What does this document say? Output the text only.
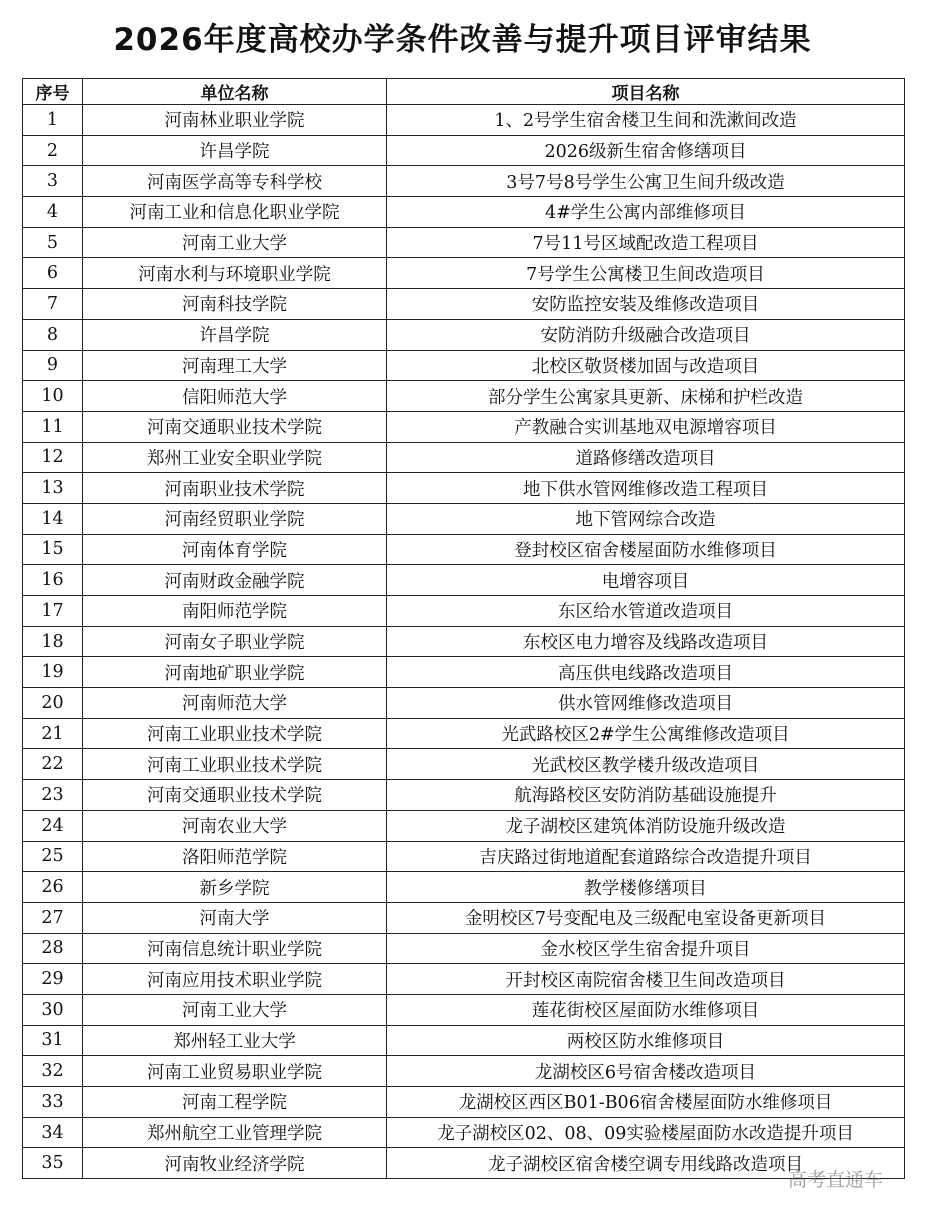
2026年度高校办学条件改善与提升项目评审结果
序号	单位名称	项目名称
1	河南林业职业学院	1、2号学生宿舍楼卫生间和洗漱间改造
2	许昌学院	2026级新生宿舍修缮项目
3	河南医学高等专科学校	3号7号8号学生公寓卫生间升级改造
4	河南工业和信息化职业学院	4#学生公寓内部维修项目
5	河南工业大学	7号11号区域配改造工程项目
6	河南水利与环境职业学院	7号学生公寓楼卫生间改造项目
7	河南科技学院	安防监控安装及维修改造项目
8	许昌学院	安防消防升级融合改造项目
9	河南理工大学	北校区敬贤楼加固与改造项目
10	信阳师范大学	部分学生公寓家具更新、床梯和护栏改造
11	河南交通职业技术学院	产教融合实训基地双电源增容项目
12	郑州工业安全职业学院	道路修缮改造项目
13	河南职业技术学院	地下供水管网维修改造工程项目
14	河南经贸职业学院	地下管网综合改造
15	河南体育学院	登封校区宿舍楼屋面防水维修项目
16	河南财政金融学院	电增容项目
17	南阳师范学院	东区给水管道改造项目
18	河南女子职业学院	东校区电力增容及线路改造项目
19	河南地矿职业学院	高压供电线路改造项目
20	河南师范大学	供水管网维修改造项目
21	河南工业职业技术学院	光武路校区2#学生公寓维修改造项目
22	河南工业职业技术学院	光武校区教学楼升级改造项目
23	河南交通职业技术学院	航海路校区安防消防基础设施提升
24	河南农业大学	龙子湖校区建筑体消防设施升级改造
25	洛阳师范学院	吉庆路过街地道配套道路综合改造提升项目
26	新乡学院	教学楼修缮项目
27	河南大学	金明校区7号变配电及三级配电室设备更新项目
28	河南信息统计职业学院	金水校区学生宿舍提升项目
29	河南应用技术职业学院	开封校区南院宿舍楼卫生间改造项目
30	河南工业大学	莲花街校区屋面防水维修项目
31	郑州轻工业大学	两校区防水维修项目
32	河南工业贸易职业学院	龙湖校区6号宿舍楼改造项目
33	河南工程学院	龙湖校区西区B01-B06宿舍楼屋面防水维修项目
34	郑州航空工业管理学院	龙子湖校区02、08、09实验楼屋面防水改造提升项目
35	河南牧业经济学院	龙子湖校区宿舍楼空调专用线路改造项目
高考直通车
